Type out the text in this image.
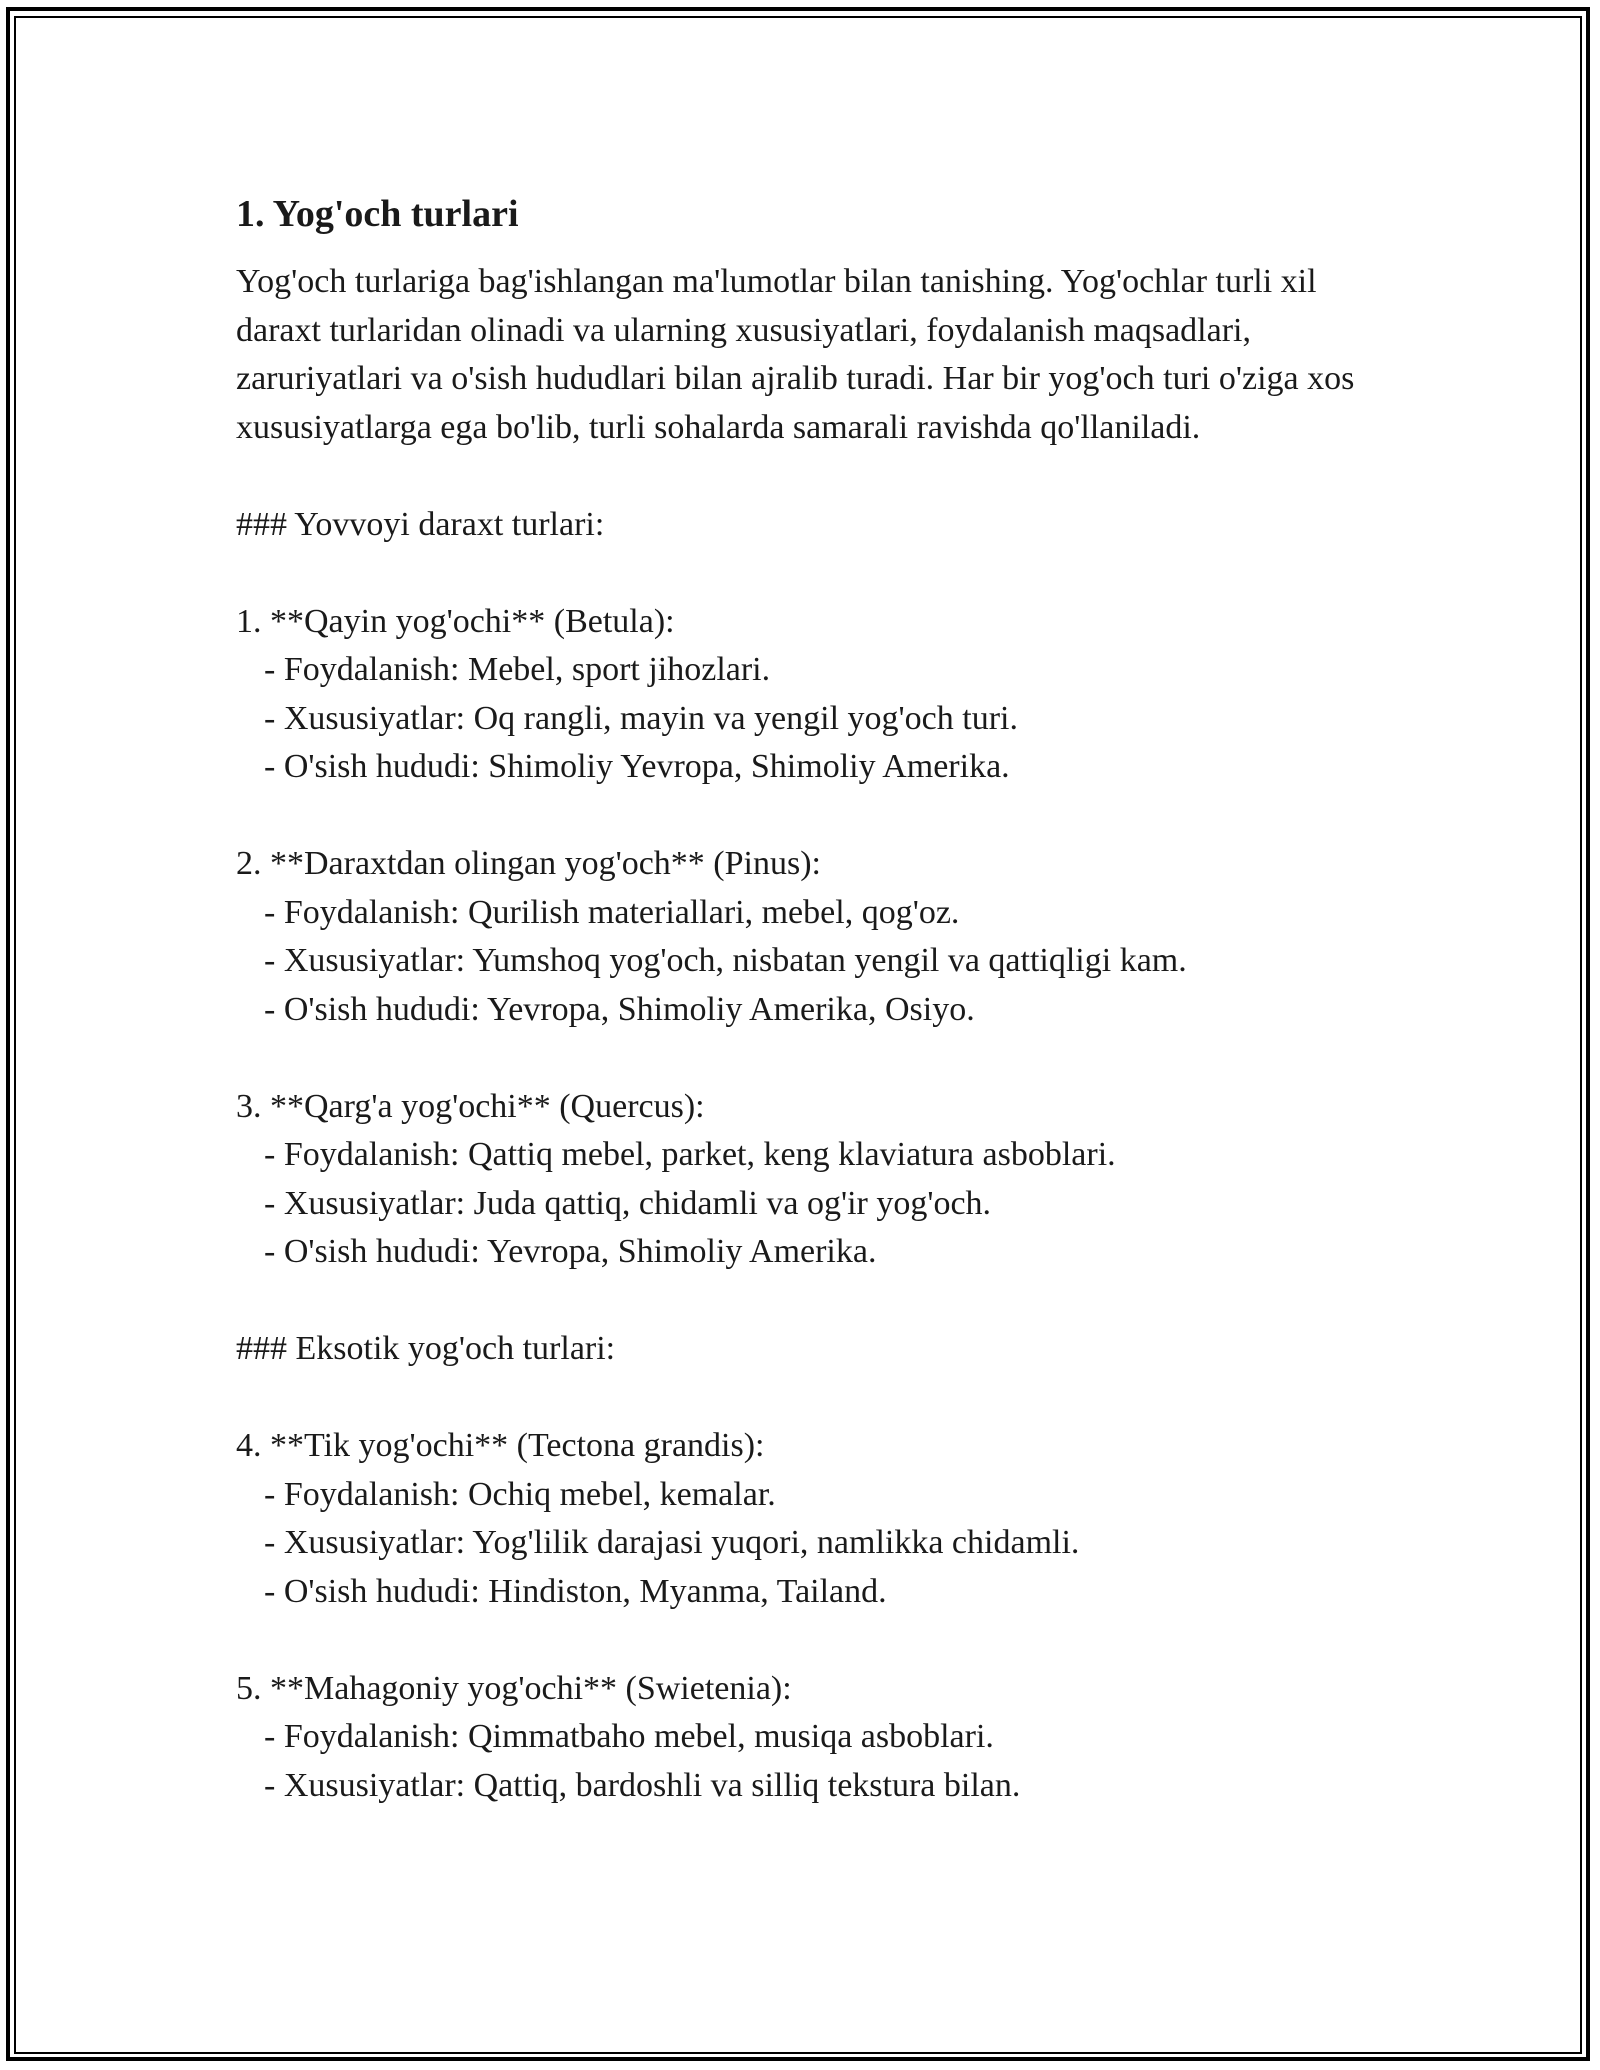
1. Yog'och turlari

Yog'och turlariga bag'ishlangan ma'lumotlar bilan tanishing. Yog'ochlar turli xil daraxt turlaridan olinadi va ularning xususiyatlari, foydalanish maqsadlari, zaruriyatlari va o'sish hududlari bilan ajralib turadi. Har bir yog'och turi o'ziga xos xususiyatlarga ega bo'lib, turli sohalarda samarali ravishda qo'llaniladi.

### Yovvoyi daraxt turlari:

1. **Qayin yog'ochi** (Betula):

- Foydalanish: Mebel, sport jihozlari.

- Xususiyatlar: Oq rangli, mayin va yengil yog'och turi.

- O'sish hududi: Shimoliy Yevropa, Shimoliy Amerika.

2. **Daraxtdan olingan yog'och** (Pinus):

- Foydalanish: Qurilish materiallari, mebel, qog'oz.

- Xususiyatlar: Yumshoq yog'och, nisbatan yengil va qattiqligi kam.

- O'sish hududi: Yevropa, Shimoliy Amerika, Osiyo.

3. **Qarg'a yog'ochi** (Quercus):

- Foydalanish: Qattiq mebel, parket, keng klaviatura asboblari.

- Xususiyatlar: Juda qattiq, chidamli va og'ir yog'och.

- O'sish hududi: Yevropa, Shimoliy Amerika.

### Eksotik yog'och turlari:

4. **Tik yog'ochi** (Tectona grandis):

- Foydalanish: Ochiq mebel, kemalar.

- Xususiyatlar: Yog'lilik darajasi yuqori, namlikka chidamli.

- O'sish hududi: Hindiston, Myanma, Tailand.

5. **Mahagoniy yog'ochi** (Swietenia):

- Foydalanish: Qimmatbaho mebel, musiqa asboblari.

- Xususiyatlar: Qattiq, bardoshli va silliq tekstura bilan.
